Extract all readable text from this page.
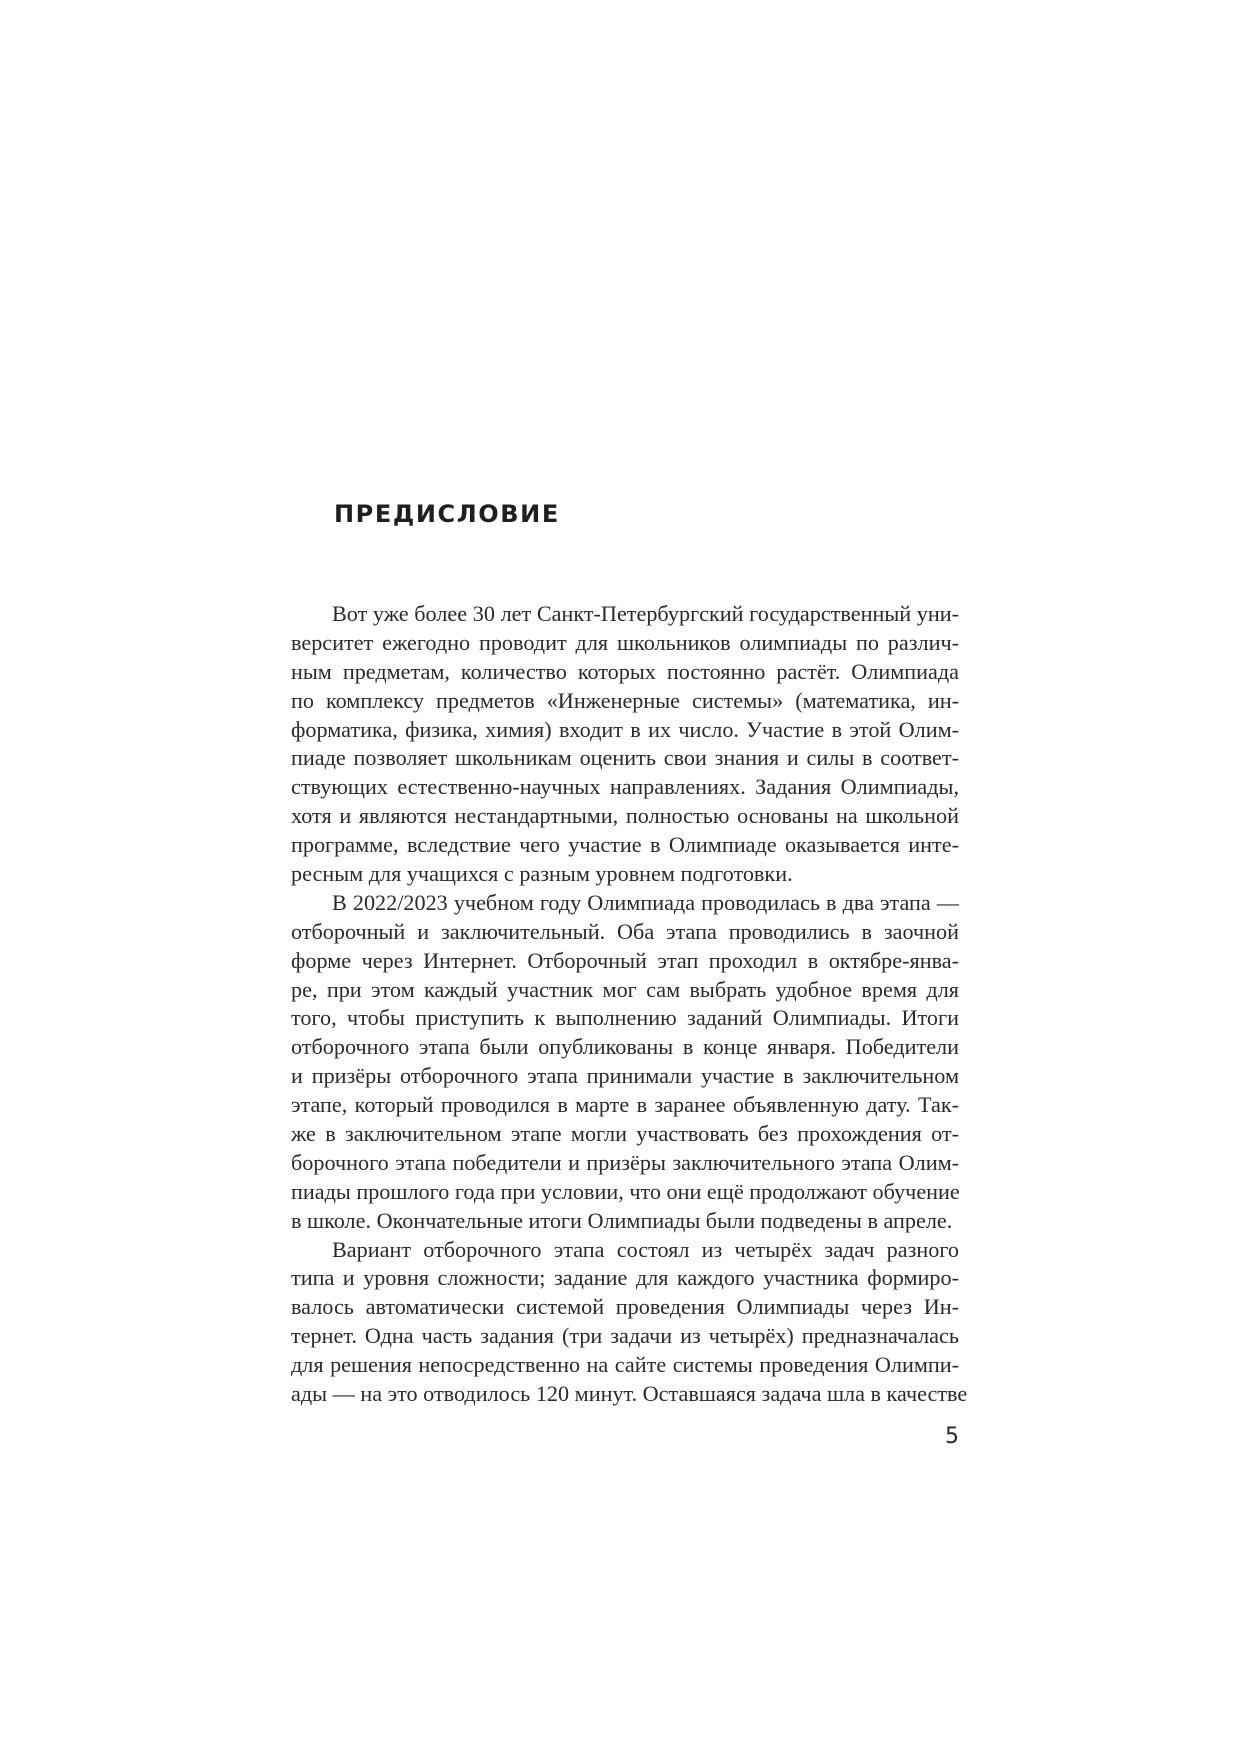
ПРЕДИСЛОВИЕ
Вот уже более 30 лет Санкт-Петербургский государственный уни-
верситет ежегодно проводит для школьников олимпиады по различ-
ным предметам, количество которых постоянно растёт. Олимпиада
по комплексу предметов «Инженерные системы» (математика, ин-
форматика, физика, химия) входит в их число. Участие в этой Олим-
пиаде позволяет школьникам оценить свои знания и силы в соответ-
ствующих естественно-научных направлениях. Задания Олимпиады,
хотя и являются нестандартными, полностью основаны на школьной
программе, вследствие чего участие в Олимпиаде оказывается инте-
ресным для учащихся с разным уровнем подготовки.
В 2022/2023 учебном году Олимпиада проводилась в два этапа —
отборочный и заключительный. Оба этапа проводились в заочной
форме через Интернет. Отборочный этап проходил в октябре-янва-
ре, при этом каждый участник мог сам выбрать удобное время для
того, чтобы приступить к выполнению заданий Олимпиады. Итоги
отборочного этапа были опубликованы в конце января. Победители
и призёры отборочного этапа принимали участие в заключительном
этапе, который проводился в марте в заранее объявленную дату. Так-
же в заключительном этапе могли участвовать без прохождения от-
борочного этапа победители и призёры заключительного этапа Олим-
пиады прошлого года при условии, что они ещё продолжают обучение
в школе. Окончательные итоги Олимпиады были подведены в апреле.
Вариант отборочного этапа состоял из четырёх задач разного
типа и уровня сложности; задание для каждого участника формиро-
валось автоматически системой проведения Олимпиады через Ин-
тернет. Одна часть задания (три задачи из четырёх) предназначалась
для решения непосредственно на сайте системы проведения Олимпи-
ады — на это отводилось 120 минут. Оставшаяся задача шла в качестве
5
